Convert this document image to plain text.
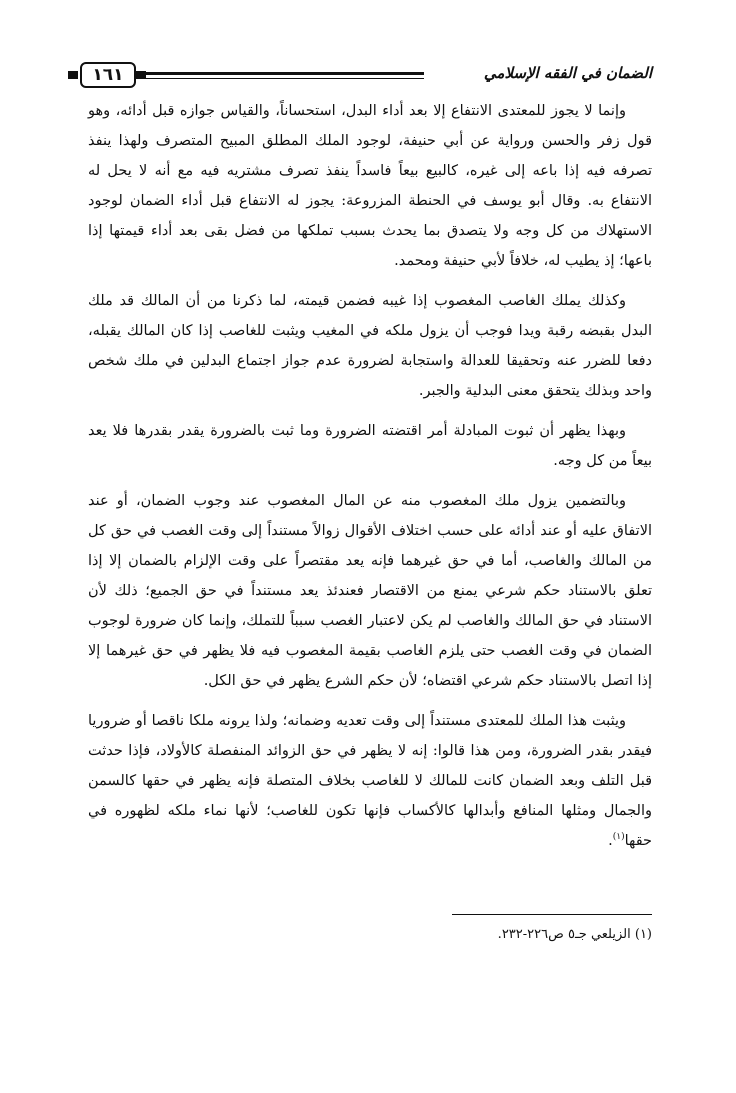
الضمان في الفقه الإسلامي
١٦١

وإنما لا يجوز للمعتدى الانتفاع إلا بعد أداء البدل، استحساناً، والقياس جوازه قبل أدائه، وهو قول زفر والحسن ورواية عن أبي حنيفة، لوجود الملك المطلق المبيح المتصرف ولهذا ينفذ تصرفه فيه إذا باعه إلى غيره، كالبيع بيعاً فاسداً ينفذ تصرف مشتريه فيه مع أنه لا يحل له الانتفاع به. وقال أبو يوسف في الحنطة المزروعة: يجوز له الانتفاع قبل أداء الضمان لوجود الاستهلاك من كل وجه ولا يتصدق بما يحدث بسبب تملكها من فضل بقى بعد أداء قيمتها إذا باعها؛ إذ يطيب له، خلافاً لأبي حنيفة ومحمد.

وكذلك يملك الغاصب المغصوب إذا غيبه فضمن قيمته، لما ذكرنا من أن المالك قد ملك البدل بقبضه رقبة ويدا فوجب أن يزول ملكه في المغيب ويثبت للغاصب إذا كان المالك يقبله، دفعا للضرر عنه وتحقيقا للعدالة واستجابة لضرورة عدم جواز اجتماع البدلين في ملك شخص واحد وبذلك يتحقق معنى البدلية والجبر.

وبهذا يظهر أن ثبوت المبادلة أمر اقتضته الضرورة وما ثبت بالضرورة يقدر بقدرها فلا يعد بيعاً من كل وجه.

وبالتضمين يزول ملك المغصوب منه عن المال المغصوب عند وجوب الضمان، أو عند الاتفاق عليه أو عند أدائه على حسب اختلاف الأقوال زوالاً مستنداً إلى وقت الغصب في حق كل من المالك والغاصب، أما في حق غيرهما فإنه يعد مقتصراً على وقت الإلزام بالضمان إلا إذا تعلق بالاستناد حكم شرعي يمنع من الاقتصار فعندئذ يعد مستنداً في حق الجميع؛ ذلك لأن الاستناد في حق المالك والغاصب لم يكن لاعتبار الغصب سبباً للتملك، وإنما كان ضرورة لوجوب الضمان في وقت الغصب حتى يلزم الغاصب بقيمة المغصوب فيه فلا يظهر في حق غيرهما إلا إذا اتصل بالاستناد حكم شرعي اقتضاه؛ لأن حكم الشرع يظهر في حق الكل.

ويثبت هذا الملك للمعتدى مستنداً إلى وقت تعديه وضمانه؛ ولذا يرونه ملكا ناقصا أو ضروريا فيقدر بقدر الضرورة، ومن هذا قالوا: إنه لا يظهر في حق الزوائد المنفصلة كالأولاد، فإذا حدثت قبل التلف وبعد الضمان كانت للمالك لا للغاصب بخلاف المتصلة فإنه يظهر في حقها كالسمن والجمال ومثلها المنافع وأبدالها كالأكساب فإنها تكون للغاصب؛ لأنها نماء ملكه لظهوره في حقها$^{(١)}$.

(١) الزيلعي جـ٥ ص٢٢٦-٢٣٢.
